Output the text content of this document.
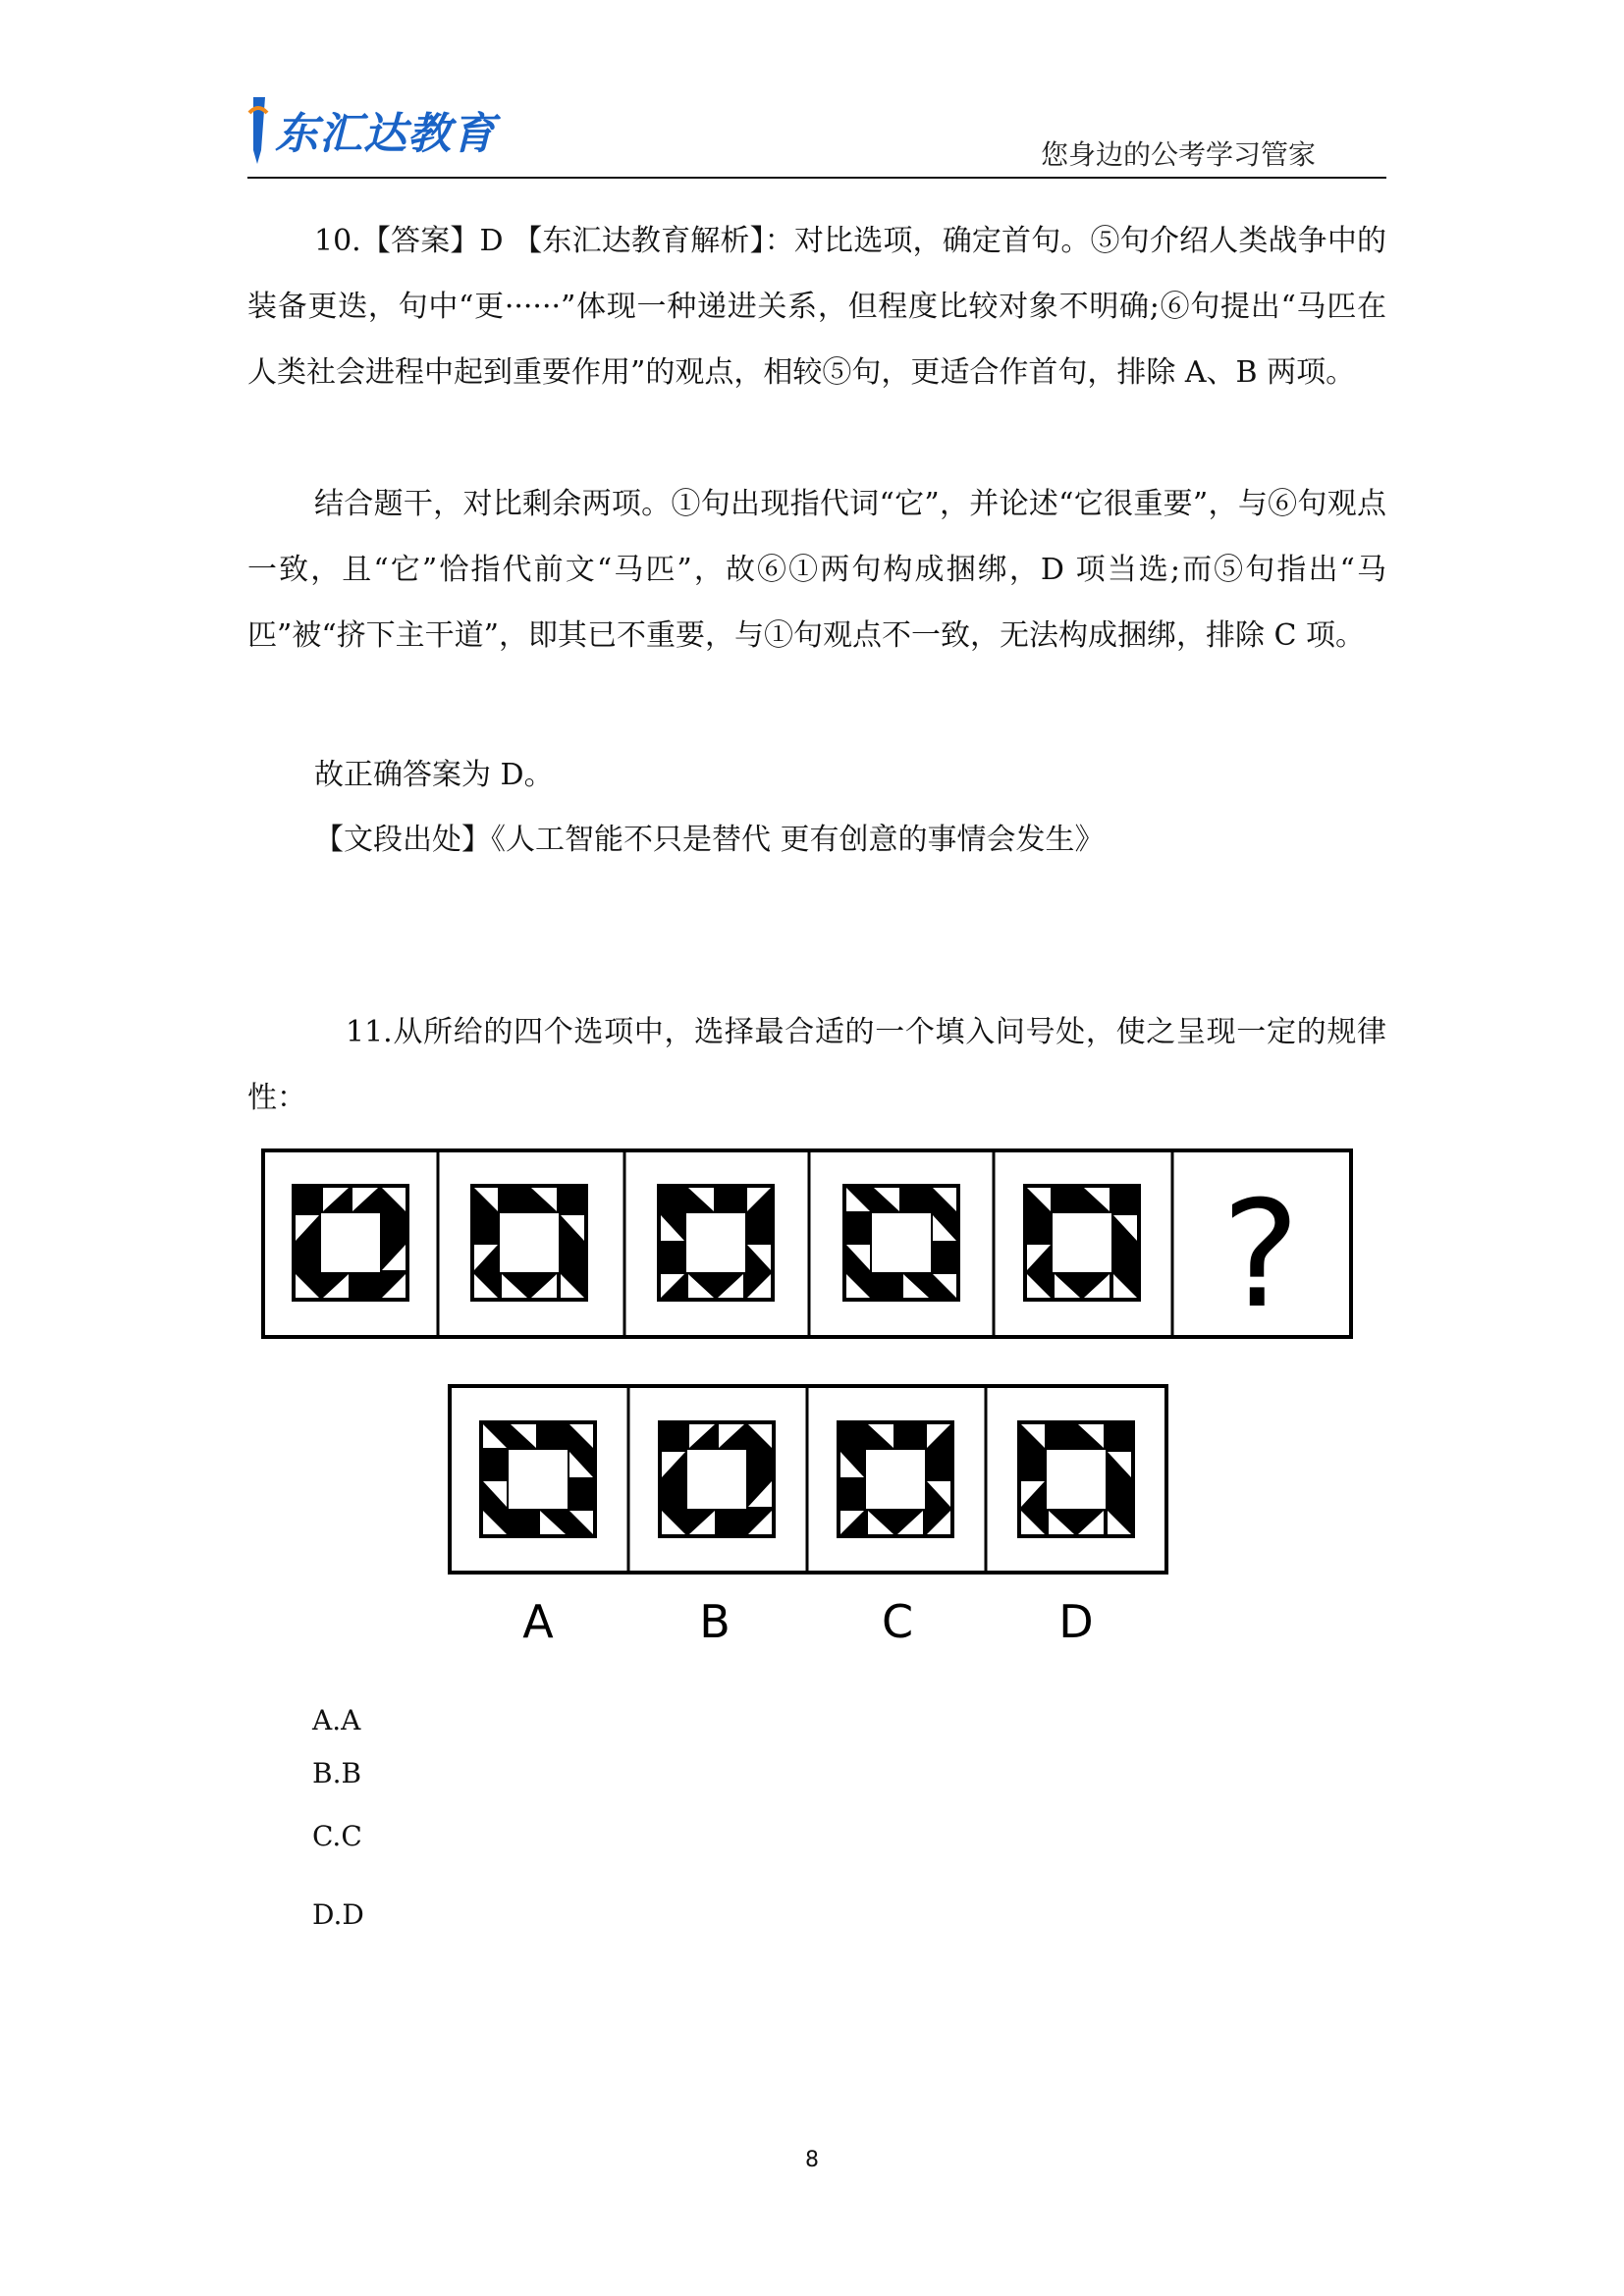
东汇达教育	您身边的公考学习管家
10.【答案】D 【东汇达教育解析】：对比选项，确定首句。⑤句介绍人类战争中的装备更迭，句中“更······”体现一种递进关系，但程度比较对象不明确;⑥句提出“马匹在人类社会进程中起到重要作用”的观点，相较⑤句，更适合作首句，排除 A、B 两项。
结合题干，对比剩余两项。①句出现指代词“它”，并论述“它很重要”，与⑥句观点一致，且“它”恰指代前文“马匹”，故⑥①两句构成捆绑，D 项当选;而⑤句指出“马匹”被“挤下主干道”，即其已不重要，与①句观点不一致，无法构成捆绑，排除 C 项。
故正确答案为 D。
【文段出处】《人工智能不只是替代 更有创意的事情会发生》
11.从所给的四个选项中，选择最合适的一个填入问号处，使之呈现一定的规律性：
?
A	B	C	D
A.A
B.B
C.C
D.D
8
